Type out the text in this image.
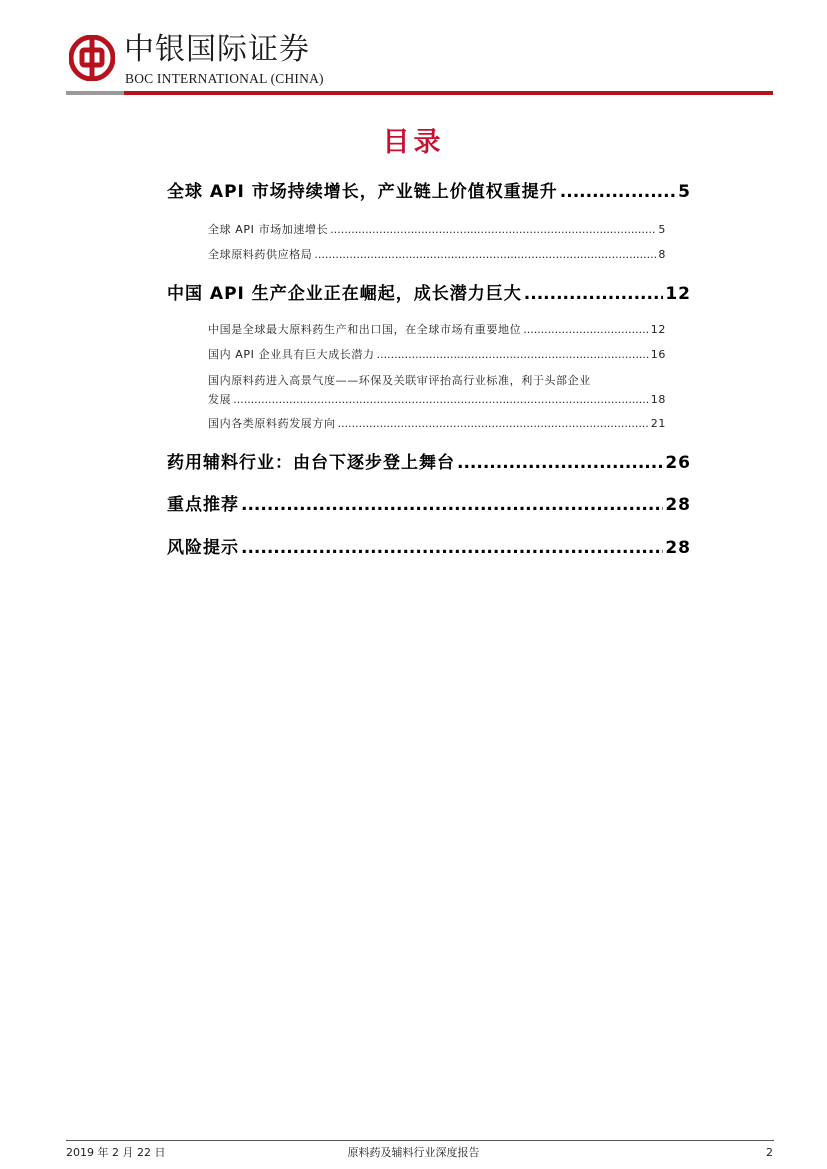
中银国际证券
BOC INTERNATIONAL (CHINA)
目录
全球 API 市场持续增长，产业链上价值权重提升 .....	5
全球 API 市场加速增长 .....	5
全球原料药供应格局 .....	8
中国 API 生产企业正在崛起，成长潜力巨大 .....	12
中国是全球最大原料药生产和出口国，在全球市场有重要地位 .....	12
国内 API 企业具有巨大成长潜力 .....	16
国内原料药进入高景气度——环保及关联审评抬高行业标准，利于头部企业
发展 .....	18
国内各类原料药发展方向 .....	21
药用辅料行业：由台下逐步登上舞台 .....	26
重点推荐 .....	28
风险提示 .....	28
2019 年 2 月 22 日	原料药及辅料行业深度报告	2
